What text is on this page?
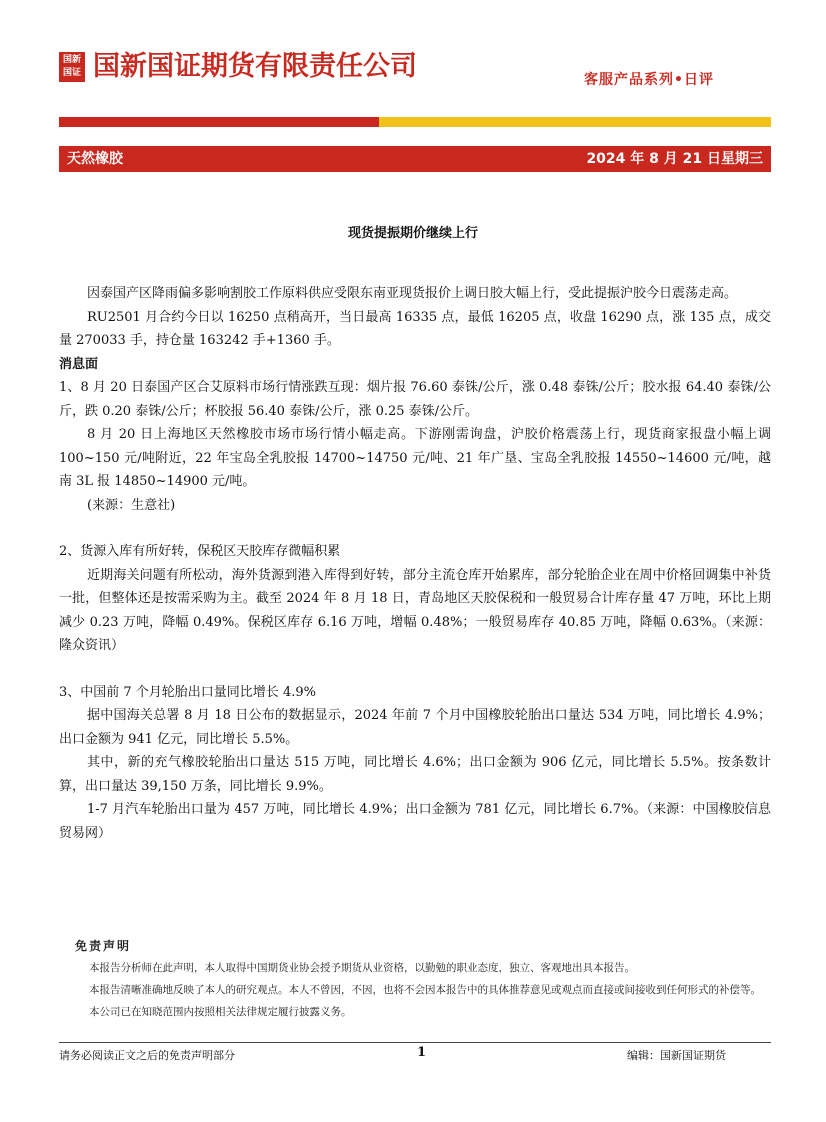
国新
国证 国新国证期货有限责任公司	客服产品系列•日评
天然橡胶	2024 年 8 月 21 日星期三
现货提振期价继续上行

因泰国产区降雨偏多影响割胶工作原料供应受限东南亚现货报价上调日胶大幅上行，受此提振沪胶今日震荡走高。

RU2501 月合约今日以 16250 点稍高开，当日最高 16335 点，最低 16205 点，收盘 16290 点，涨 135 点，成交量 270033 手，持仓量 163242 手+1360 手。

消息面

1、8 月 20 日泰国产区合艾原料市场行情涨跌互现：烟片报 76.60 泰铢/公斤，涨 0.48 泰铢/公斤；胶水报 64.40 泰铢/公斤，跌 0.20 泰铢/公斤；杯胶报 56.40 泰铢/公斤，涨 0.25 泰铢/公斤。

8 月 20 日上海地区天然橡胶市场市场行情小幅走高。下游刚需询盘，沪胶价格震荡上行，现货商家报盘小幅上调 100~150 元/吨附近，22 年宝岛全乳胶报 14700~14750 元/吨、21 年广垦、宝岛全乳胶报 14550~14600 元/吨，越南 3L 报 14850~14900 元/吨。

(来源：生意社)

2、货源入库有所好转，保税区天胶库存微幅积累

近期海关问题有所松动，海外货源到港入库得到好转，部分主流仓库开始累库，部分轮胎企业在周中价格回调集中补货一批，但整体还是按需采购为主。截至 2024 年 8 月 18 日，青岛地区天胶保税和一般贸易合计库存量 47 万吨，环比上期减少 0.23 万吨，降幅 0.49%。保税区库存 6.16 万吨，增幅 0.48%；一般贸易库存 40.85 万吨，降幅 0.63%。（来源：隆众资讯）

3、中国前 7 个月轮胎出口量同比增长 4.9%

据中国海关总署 8 月 18 日公布的数据显示，2024 年前 7 个月中国橡胶轮胎出口量达 534 万吨，同比增长 4.9%；出口金额为 941 亿元，同比增长 5.5%。

其中，新的充气橡胶轮胎出口量达 515 万吨，同比增长 4.6%；出口金额为 906 亿元，同比增长 5.5%。按条数计算，出口量达 39,150 万条，同比增长 9.9%。

1-7 月汽车轮胎出口量为 457 万吨，同比增长 4.9%；出口金额为 781 亿元，同比增长 6.7%。（来源：中国橡胶信息贸易网）

免责声明
本报告分析师在此声明，本人取得中国期货业协会授予期货从业资格，以勤勉的职业态度，独立、客观地出具本报告。
本报告清晰准确地反映了本人的研究观点。本人不曾因，不因，也将不会因本报告中的具体推荐意见或观点而直接或间接收到任何形式的补偿等。
本公司已在知晓范围内按照相关法律规定履行披露义务。
请务必阅读正文之后的免责声明部分	1	编辑：国新国证期货
